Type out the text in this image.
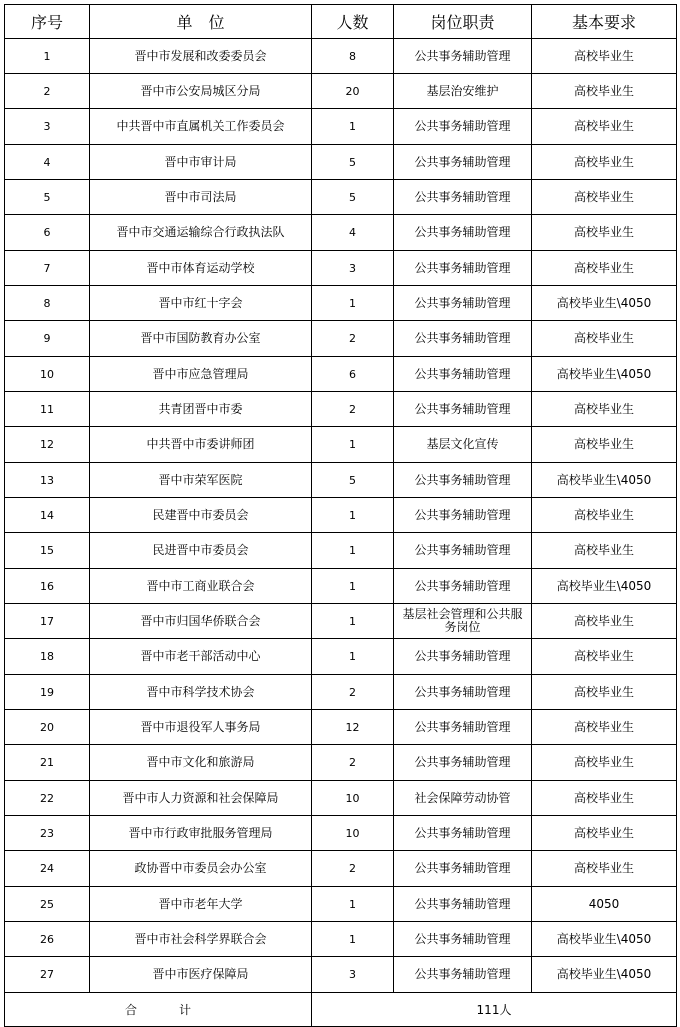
序号	单　位	人数	岗位职责	基本要求
1	晋中市发展和改委委员会	8	公共事务辅助管理	高校毕业生
2	晋中市公安局城区分局	20	基层治安维护	高校毕业生
3	中共晋中市直属机关工作委员会	1	公共事务辅助管理	高校毕业生
4	晋中市审计局	5	公共事务辅助管理	高校毕业生
5	晋中市司法局	5	公共事务辅助管理	高校毕业生
6	晋中市交通运输综合行政执法队	4	公共事务辅助管理	高校毕业生
7	晋中市体育运动学校	3	公共事务辅助管理	高校毕业生
8	晋中市红十字会	1	公共事务辅助管理	高校毕业生\4050
9	晋中市国防教育办公室	2	公共事务辅助管理	高校毕业生
10	晋中市应急管理局	6	公共事务辅助管理	高校毕业生\4050
11	共青团晋中市委	2	公共事务辅助管理	高校毕业生
12	中共晋中市委讲师团	1	基层文化宣传	高校毕业生
13	晋中市荣军医院	5	公共事务辅助管理	高校毕业生\4050
14	民建晋中市委员会	1	公共事务辅助管理	高校毕业生
15	民进晋中市委员会	1	公共事务辅助管理	高校毕业生
16	晋中市工商业联合会	1	公共事务辅助管理	高校毕业生\4050
17	晋中市归国华侨联合会	1	基层社会管理和公共服务岗位	高校毕业生
18	晋中市老干部活动中心	1	公共事务辅助管理	高校毕业生
19	晋中市科学技术协会	2	公共事务辅助管理	高校毕业生
20	晋中市退役军人事务局	12	公共事务辅助管理	高校毕业生
21	晋中市文化和旅游局	2	公共事务辅助管理	高校毕业生
22	晋中市人力资源和社会保障局	10	社会保障劳动协管	高校毕业生
23	晋中市行政审批服务管理局	10	公共事务辅助管理	高校毕业生
24	政协晋中市委员会办公室	2	公共事务辅助管理	高校毕业生
25	晋中市老年大学	1	公共事务辅助管理	4050
26	晋中市社会科学界联合会	1	公共事务辅助管理	高校毕业生\4050
27	晋中市医疗保障局	3	公共事务辅助管理	高校毕业生\4050
合 计		111人		
